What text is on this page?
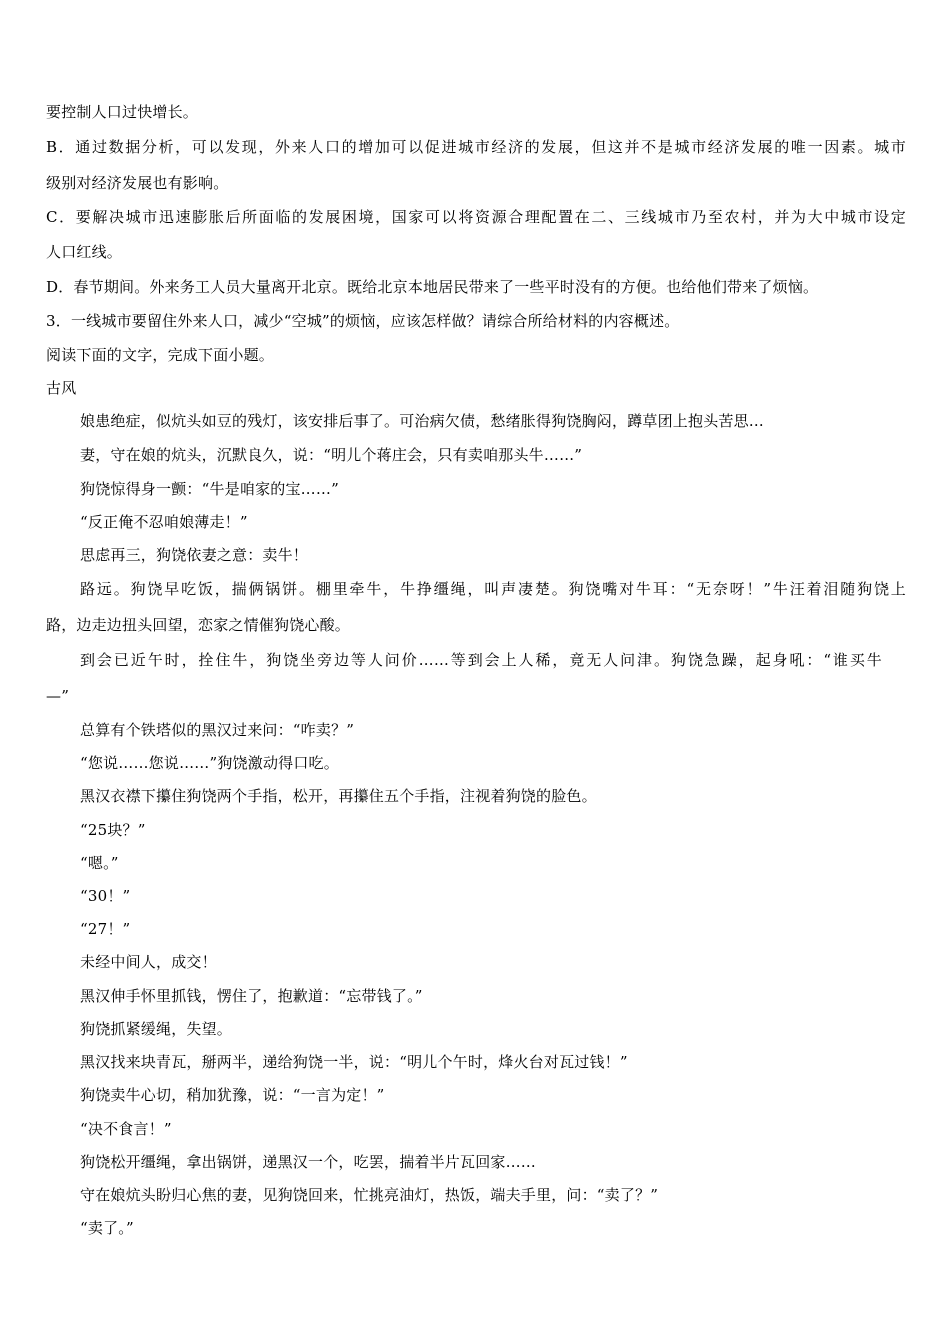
要控制人口过快增长。
B．通过数据分析，可以发现，外来人口的增加可以促进城市经济的发展，但这并不是城市经济发展的唯一因素。城市
级别对经济发展也有影响。
C．要解决城市迅速膨胀后所面临的发展困境，国家可以将资源合理配置在二、三线城市乃至农村，并为大中城市设定
人口红线。
D．春节期间。外来务工人员大量离开北京。既给北京本地居民带来了一些平时没有的方便。也给他们带来了烦恼。
3．一线城市要留住外来人口，减少“空城”的烦恼，应该怎样做？请综合所给材料的内容概述。
阅读下面的文字，完成下面小题。
古风
娘患绝症，似炕头如豆的残灯，该安排后事了。可治病欠债，愁绪胀得狗饶胸闷，蹲草团上抱头苦思…
妻，守在娘的炕头，沉默良久，说：“明儿个蒋庄会，只有卖咱那头牛……”
狗饶惊得身一颤：“牛是咱家的宝……”
“反正俺不忍咱娘薄走！”
思虑再三，狗饶依妻之意：卖牛！
路远。狗饶早吃饭，揣俩锅饼。棚里牵牛，牛挣缰绳，叫声凄楚。狗饶嘴对牛耳：“无奈呀！”牛汪着泪随狗饶上
路，边走边扭头回望，恋家之情催狗饶心酸。
到会已近午时，拴住牛，狗饶坐旁边等人问价……等到会上人稀，竟无人问津。狗饶急躁，起身吼：“谁买牛
—”
总算有个铁塔似的黑汉过来问：“咋卖？”
“您说……您说……”狗饶激动得口吃。
黑汉衣襟下攥住狗饶两个手指，松开，再攥住五个手指，注视着狗饶的脸色。
“25块？”
“嗯。”
“30！”
“27！”
未经中间人，成交！
黑汉伸手怀里抓钱，愣住了，抱歉道：“忘带钱了。”
狗饶抓紧缓绳，失望。
黑汉找来块青瓦，掰两半，递给狗饶一半，说：“明儿个午时，烽火台对瓦过钱！”
狗饶卖牛心切，稍加犹豫，说：“一言为定！”
“决不食言！”
狗饶松开缰绳，拿出锅饼，递黑汉一个，吃罢，揣着半片瓦回家……
守在娘炕头盼归心焦的妻，见狗饶回来，忙挑亮油灯，热饭，端夫手里，问：“卖了？”
“卖了。”
